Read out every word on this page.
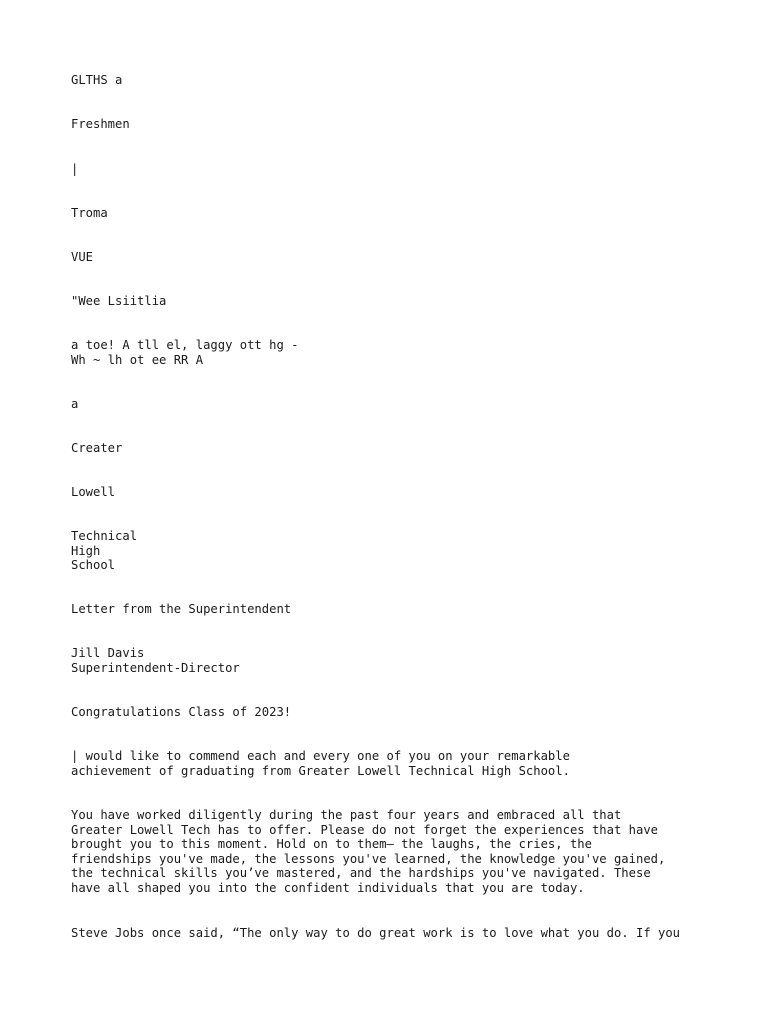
GLTHS a

Freshmen

|

Troma

VUE

"Wee Lsiitlia

a toe! A tll el, laggy ott hg -
Wh ~ lh ot ee RR A

a

Creater

Lowell

Technical
High
School

Letter from the Superintendent

Jill Davis
Superintendent-Director

Congratulations Class of 2023!

| would like to commend each and every one of you on your remarkable
achievement of graduating from Greater Lowell Technical High School.

You have worked diligently during the past four years and embraced all that
Greater Lowell Tech has to offer. Please do not forget the experiences that have
brought you to this moment. Hold on to them— the laughs, the cries, the
friendships you've made, the lessons you've learned, the knowledge you've gained,
the technical skills you’ve mastered, and the hardships you've navigated. These
have all shaped you into the confident individuals that you are today.

Steve Jobs once said, “The only way to do great work is to love what you do. If you
